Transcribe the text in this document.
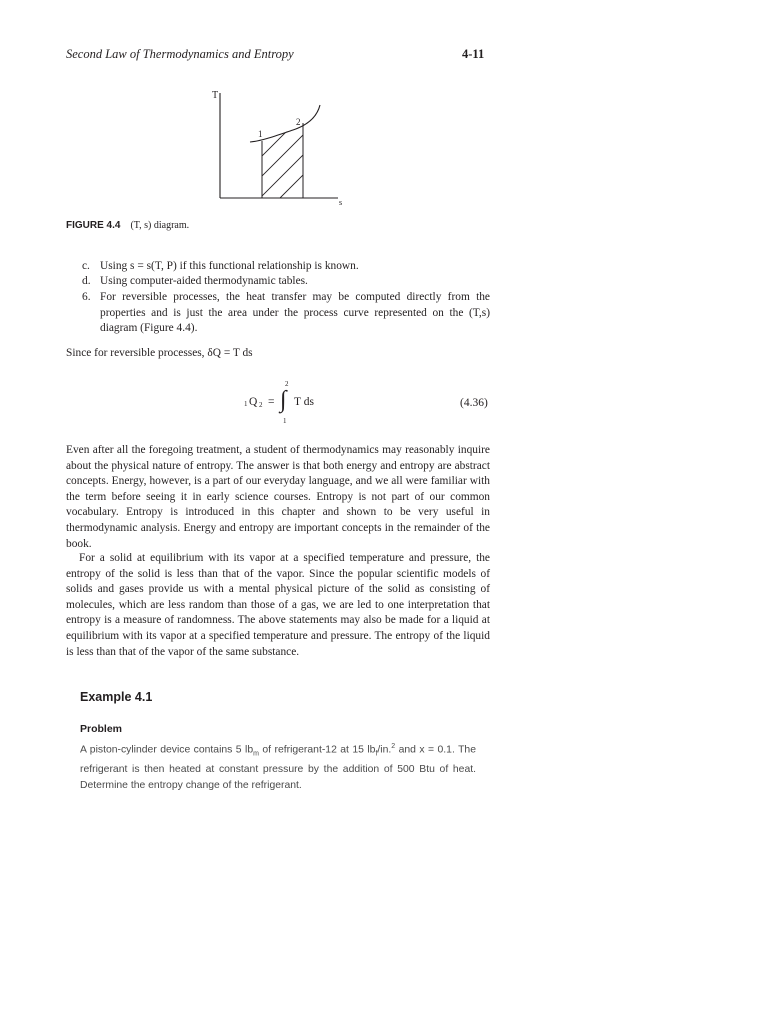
Second Law of Thermodynamics and Entropy	4-11
T
s
1
2
FIGURE 4.4 (T, s) diagram.
c. Using s = s(T, P) if this functional relationship is known.
d. Using computer-aided thermodynamic tables.
6. For reversible processes, the heat transfer may be computed directly from the properties and is just the area under the process curve represented on the (T,s) diagram (Figure 4.4).
Since for reversible processes, δQ = T ds
1 Q 2 = ∫
2
1
T ds	(4.36)
Even after all the foregoing treatment, a student of thermodynamics may reasonably inquire about the physical nature of entropy. The answer is that both energy and entropy are abstract concepts. Energy, however, is a part of our everyday language, and we all were familiar with the term before seeing it in early science courses. Entropy is not part of our common vocabulary. Entropy is introduced in this chapter and shown to be very useful in thermodynamic analysis. Energy and entropy are important concepts in the remainder of the book.
For a solid at equilibrium with its vapor at a specified temperature and pressure, the entropy of the solid is less than that of the vapor. Since the popular scientific models of solids and gases provide us with a mental physical picture of the solid as consisting of molecules, which are less random than those of a gas, we are led to one interpretation that entropy is a measure of randomness. The above statements may also be made for a liquid at equilibrium with its vapor at a specified temperature and pressure. The entropy of the liquid is less than that of the vapor of the same substance.
Example 4.1
Problem
A piston-cylinder device contains 5 $lb_m$ of refrigerant-12 at 15 $lb_f/in.^2$ and x = 0.1. The refrigerant is then heated at constant pressure by the addition of 500 Btu of heat. Determine the entropy change of the refrigerant.
